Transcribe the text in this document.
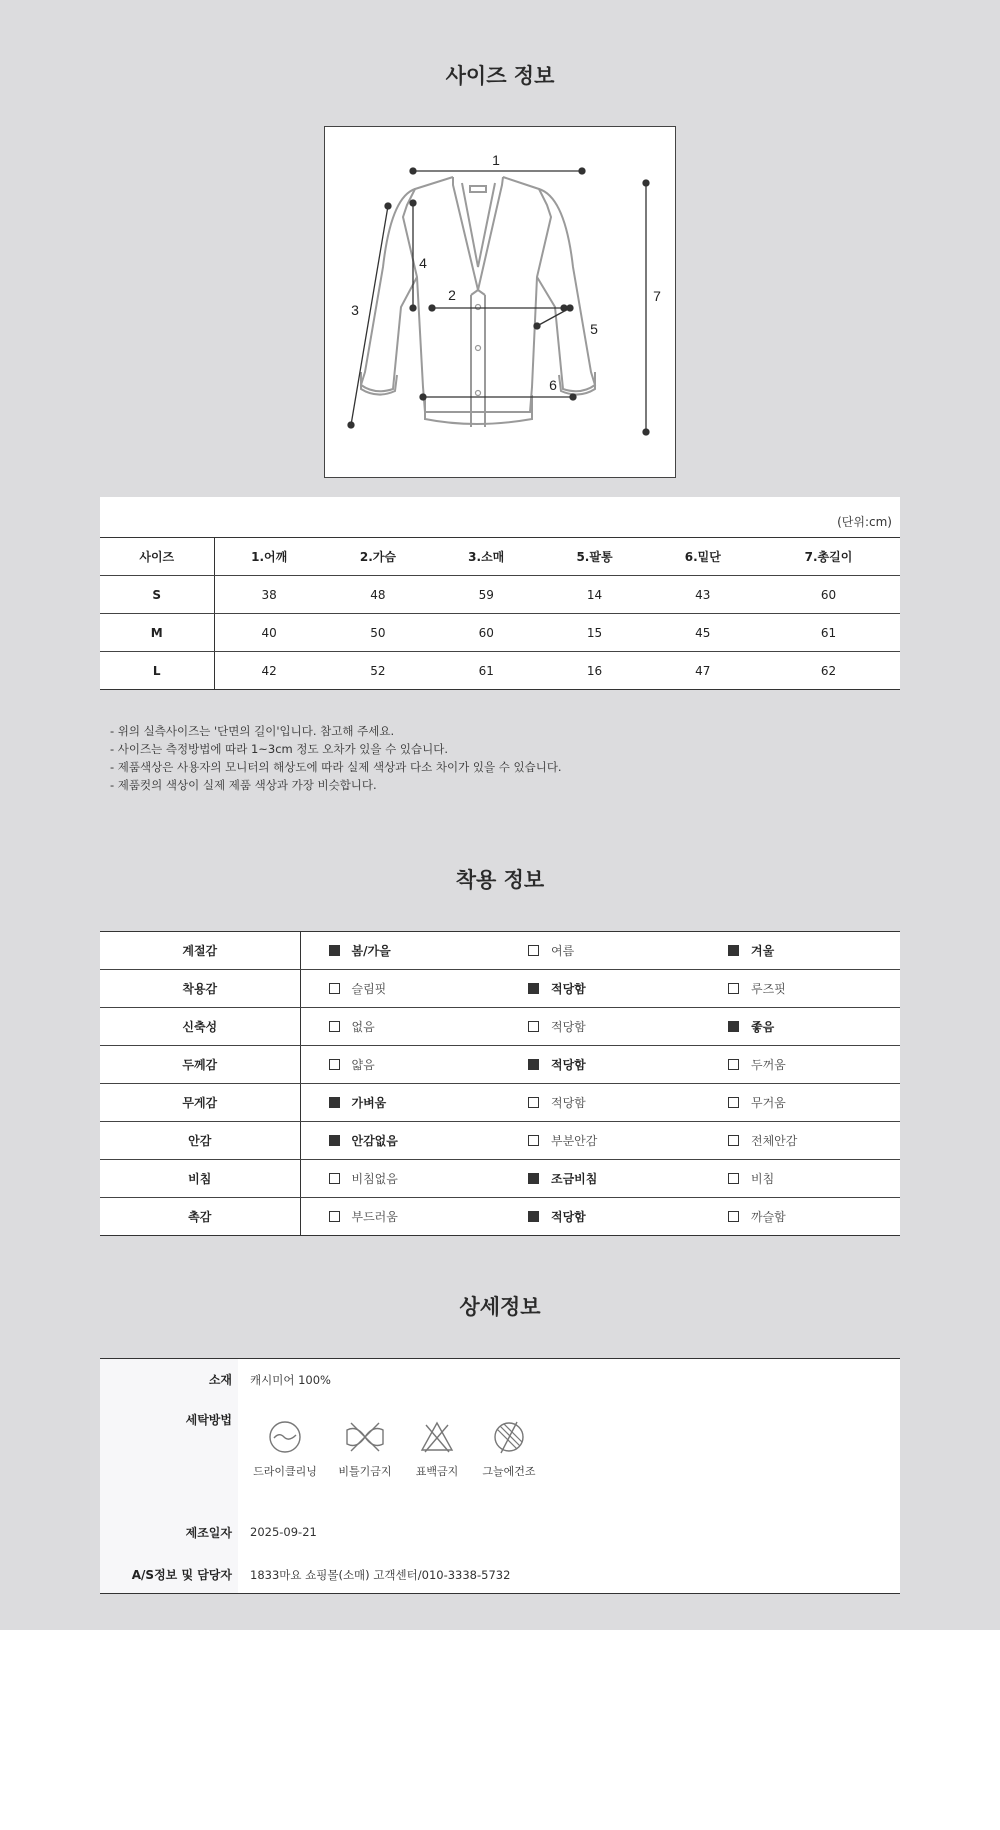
사이즈 정보
1
2
3
4
5
6
7
(단위:cm)
사이즈	1.어깨	2.가슴	3.소매	5.팔통	6.밑단	7.총길이
S	38	48	59	14	43	60
M	40	50	60	15	45	61
L	42	52	61	16	47	62
- 위의 실측사이즈는 '단면의 길이'입니다. 참고해 주세요.
- 사이즈는 측정방법에 따라 1~3cm 정도 오차가 있을 수 있습니다.
- 제품색상은 사용자의 모니터의 해상도에 따라 실제 색상과 다소 차이가 있을 수 있습니다.
- 제품컷의 색상이 실제 제품 색상과 가장 비슷합니다.
착용 정보
계절감	봄/가을	여름	겨울
착용감	슬림핏	적당함	루즈핏
신축성	없음	적당함	좋음
두께감	얇음	적당함	두꺼움
무게감	가벼움	적당함	무거움
안감	안감없음	부분안감	전체안감
비침	비침없음	조금비침	비침
촉감	부드러움	적당함	까슬함
상세정보
소재 캐시미어 100%
세탁방법
드라이클리닝	비틀기금지	표백금지	그늘에건조
제조일자 2025-09-21
A/S정보 및 담당자 1833마요 쇼핑몰(소매) 고객센터/010-3338-5732
